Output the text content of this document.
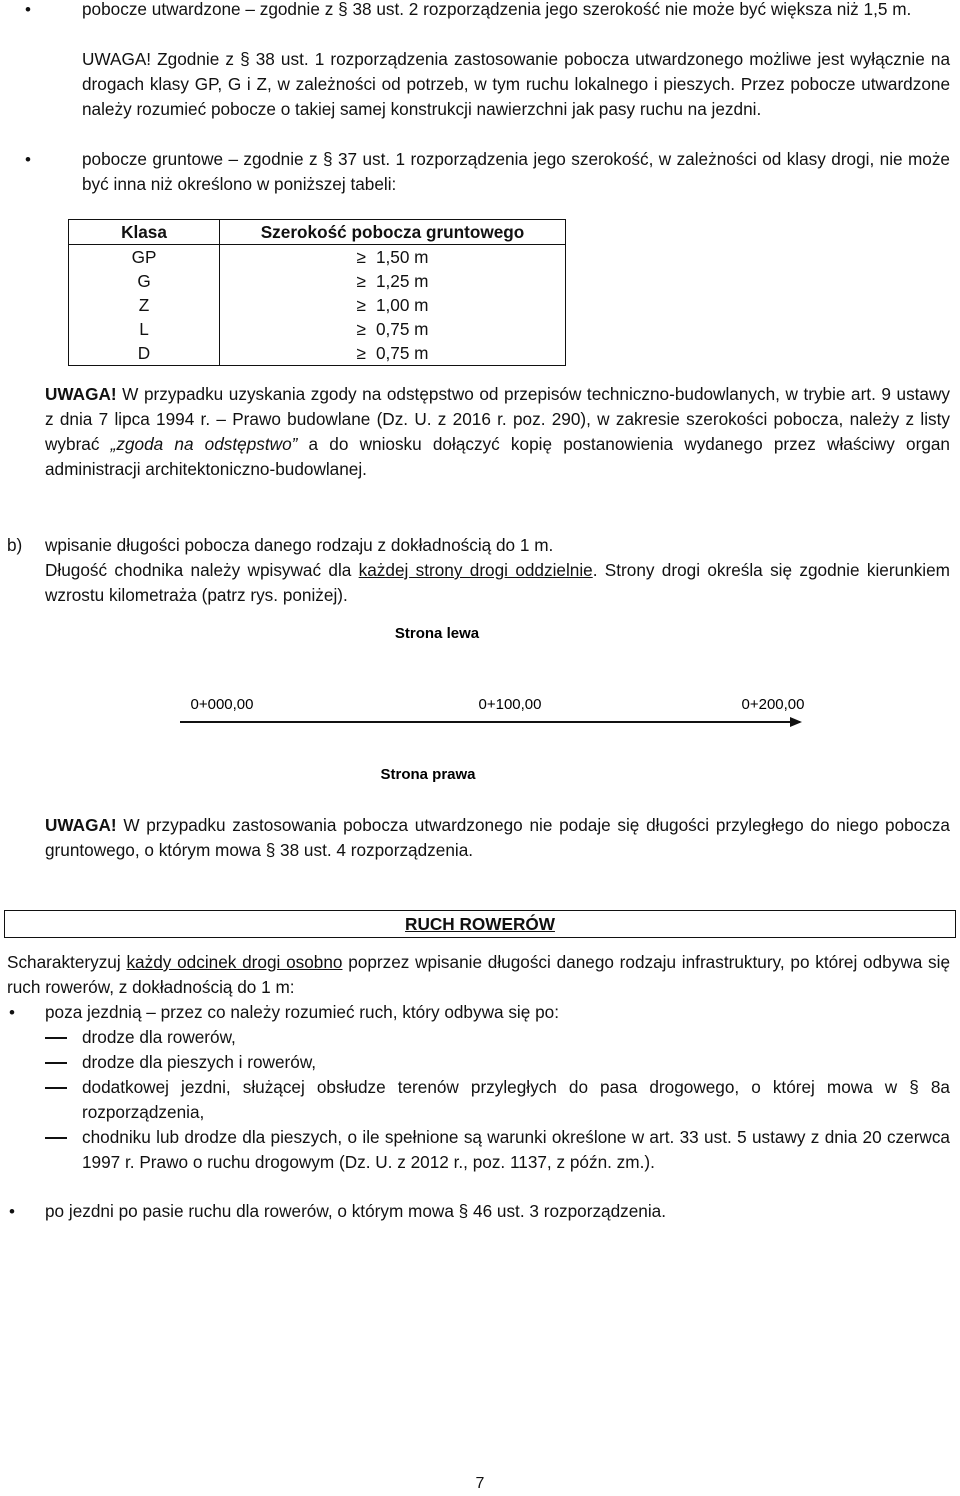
•	pobocze utwardzone – zgodnie z § 38 ust. 2 rozporządzenia jego szerokość nie może być większa niż 1,5 m.
UWAGA! Zgodnie z § 38 ust. 1 rozporządzenia zastosowanie pobocza utwardzonego możliwe jest wyłącznie na drogach klasy GP, G i Z, w zależności od potrzeb, w tym ruchu lokalnego i pieszych. Przez pobocze utwardzone należy rozumieć pobocze o takiej samej konstrukcji nawierzchni jak pasy ruchu na jezdni.
•	pobocze gruntowe – zgodnie z § 37 ust. 1 rozporządzenia jego szerokość, w zależności od klasy drogi, nie może być inna niż określono w poniższej tabeli:
Klasa	Szerokość pobocza gruntowego
GP	≥ 1,50 m
G	≥ 1,25 m
Z	≥ 1,00 m
L	≥ 0,75 m
D	≥ 0,75 m
UWAGA! W przypadku uzyskania zgody na odstępstwo od przepisów techniczno-budowlanych, w trybie art. 9 ustawy z dnia 7 lipca 1994 r. – Prawo budowlane (Dz. U. z 2016 r. poz. 290), w zakresie szerokości pobocza, należy z listy wybrać „zgoda na odstępstwo” a do wniosku dołączyć kopię postanowienia wydanego przez właściwy organ administracji architektoniczno-budowlanej.
b) wpisanie długości pobocza danego rodzaju z dokładnością do 1 m.
Długość chodnika należy wpisywać dla każdej strony drogi oddzielnie. Strony drogi określa się zgodnie kierunkiem wzrostu kilometraża (patrz rys. poniżej).
Strona lewa
0+000,00	0+100,00	0+200,00
Strona prawa
UWAGA! W przypadku zastosowania pobocza utwardzonego nie podaje się długości przyległego do niego pobocza gruntowego, o którym mowa § 38 ust. 4 rozporządzenia.
RUCH ROWERÓW
Scharakteryzuj każdy odcinek drogi osobno poprzez wpisanie długości danego rodzaju infrastruktury, po której odbywa się ruch rowerów, z dokładnością do 1 m:
• poza jezdnią – przez co należy rozumieć ruch, który odbywa się po:
drodze dla rowerów,
drodze dla pieszych i rowerów,
dodatkowej jezdni, służącej obsłudze terenów przyległych do pasa drogowego, o której mowa w § 8a rozporządzenia,
chodniku lub drodze dla pieszych, o ile spełnione są warunki określone w art. 33 ust. 5 ustawy z dnia 20 czerwca 1997 r. Prawo o ruchu drogowym (Dz. U. z 2012 r., poz. 1137, z późn. zm.).
• po jezdni po pasie ruchu dla rowerów, o którym mowa § 46 ust. 3 rozporządzenia.
7
